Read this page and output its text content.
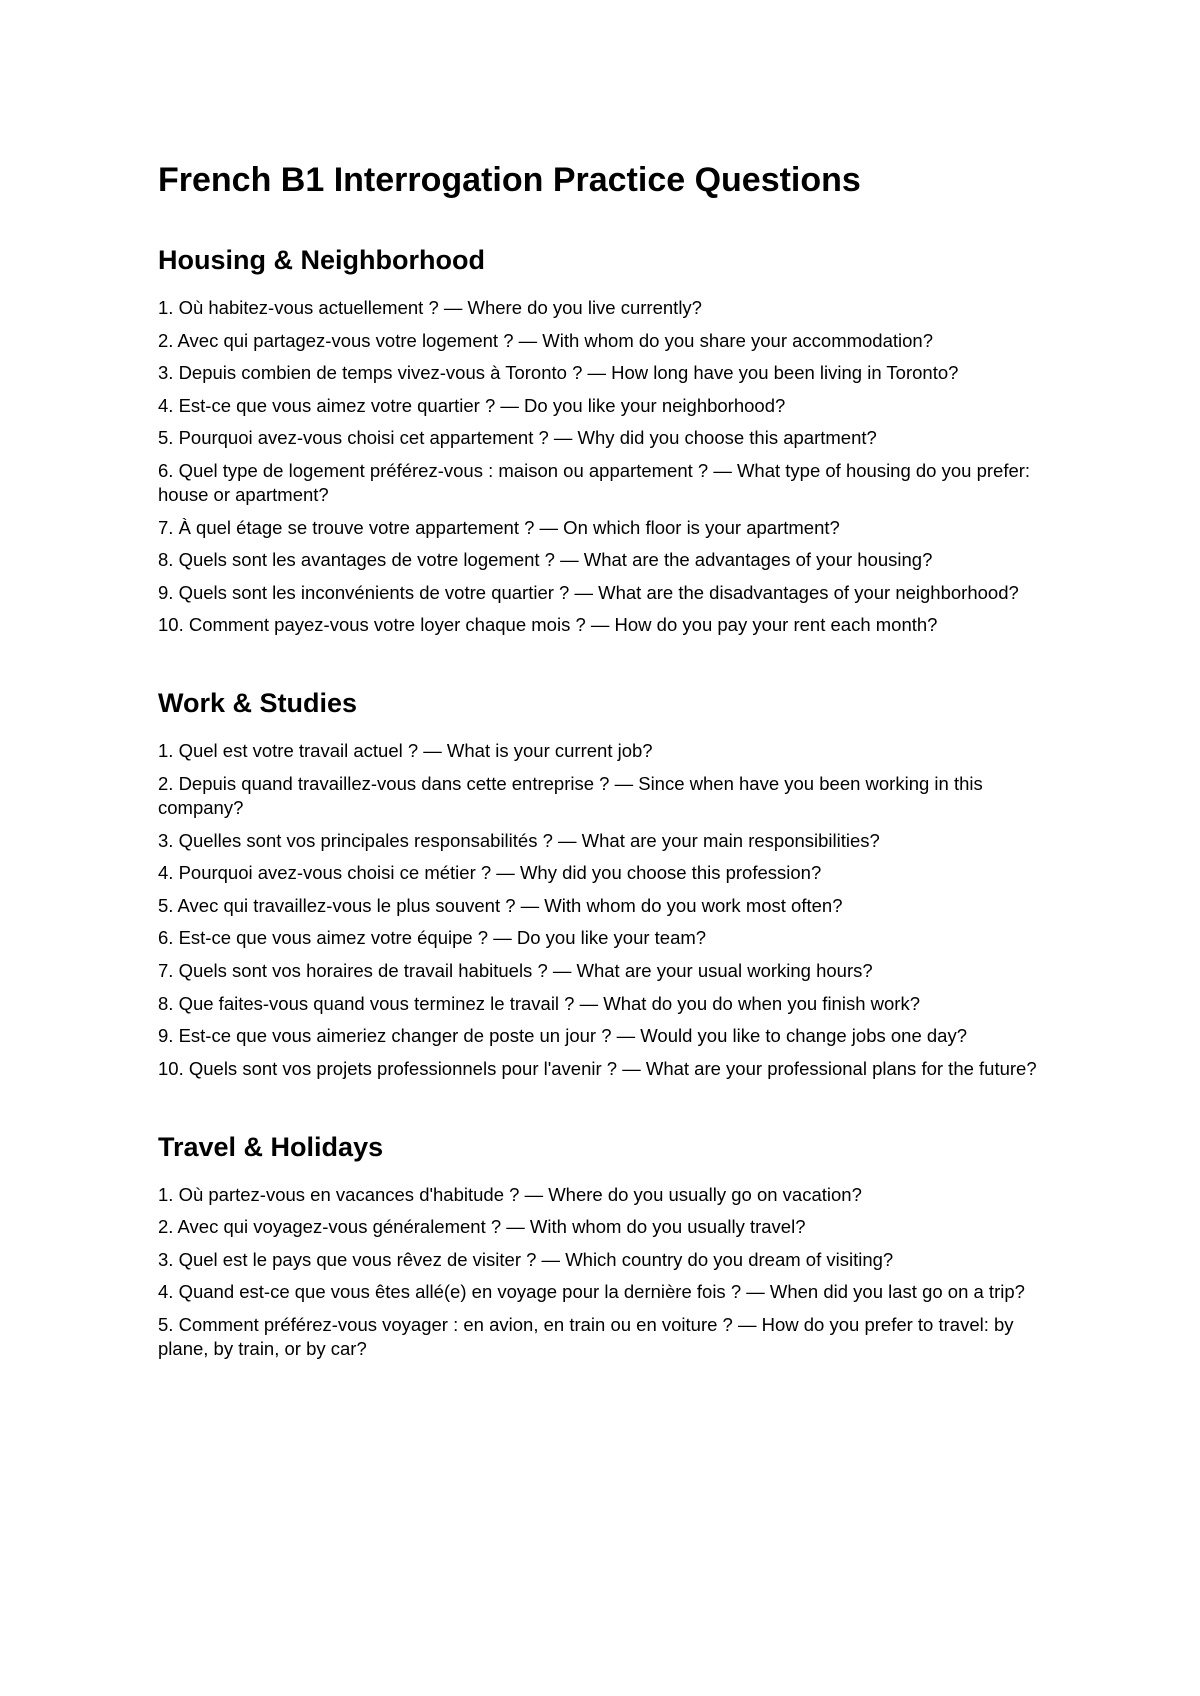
French B1 Interrogation Practice Questions
Housing & Neighborhood
1. Où habitez-vous actuellement ? — Where do you live currently?
2. Avec qui partagez-vous votre logement ? — With whom do you share your accommodation?
3. Depuis combien de temps vivez-vous à Toronto ? — How long have you been living in Toronto?
4. Est-ce que vous aimez votre quartier ? — Do you like your neighborhood?
5. Pourquoi avez-vous choisi cet appartement ? — Why did you choose this apartment?
6. Quel type de logement préférez-vous : maison ou appartement ? — What type of housing do you prefer: house or apartment?
7. À quel étage se trouve votre appartement ? — On which floor is your apartment?
8. Quels sont les avantages de votre logement ? — What are the advantages of your housing?
9. Quels sont les inconvénients de votre quartier ? — What are the disadvantages of your neighborhood?
10. Comment payez-vous votre loyer chaque mois ? — How do you pay your rent each month?
Work & Studies
1. Quel est votre travail actuel ? — What is your current job?
2. Depuis quand travaillez-vous dans cette entreprise ? — Since when have you been working in this company?
3. Quelles sont vos principales responsabilités ? — What are your main responsibilities?
4. Pourquoi avez-vous choisi ce métier ? — Why did you choose this profession?
5. Avec qui travaillez-vous le plus souvent ? — With whom do you work most often?
6. Est-ce que vous aimez votre équipe ? — Do you like your team?
7. Quels sont vos horaires de travail habituels ? — What are your usual working hours?
8. Que faites-vous quand vous terminez le travail ? — What do you do when you finish work?
9. Est-ce que vous aimeriez changer de poste un jour ? — Would you like to change jobs one day?
10. Quels sont vos projets professionnels pour l'avenir ? — What are your professional plans for the future?
Travel & Holidays
1. Où partez-vous en vacances d'habitude ? — Where do you usually go on vacation?
2. Avec qui voyagez-vous généralement ? — With whom do you usually travel?
3. Quel est le pays que vous rêvez de visiter ? — Which country do you dream of visiting?
4. Quand est-ce que vous êtes allé(e) en voyage pour la dernière fois ? — When did you last go on a trip?
5. Comment préférez-vous voyager : en avion, en train ou en voiture ? — How do you prefer to travel: by plane, by train, or by car?
